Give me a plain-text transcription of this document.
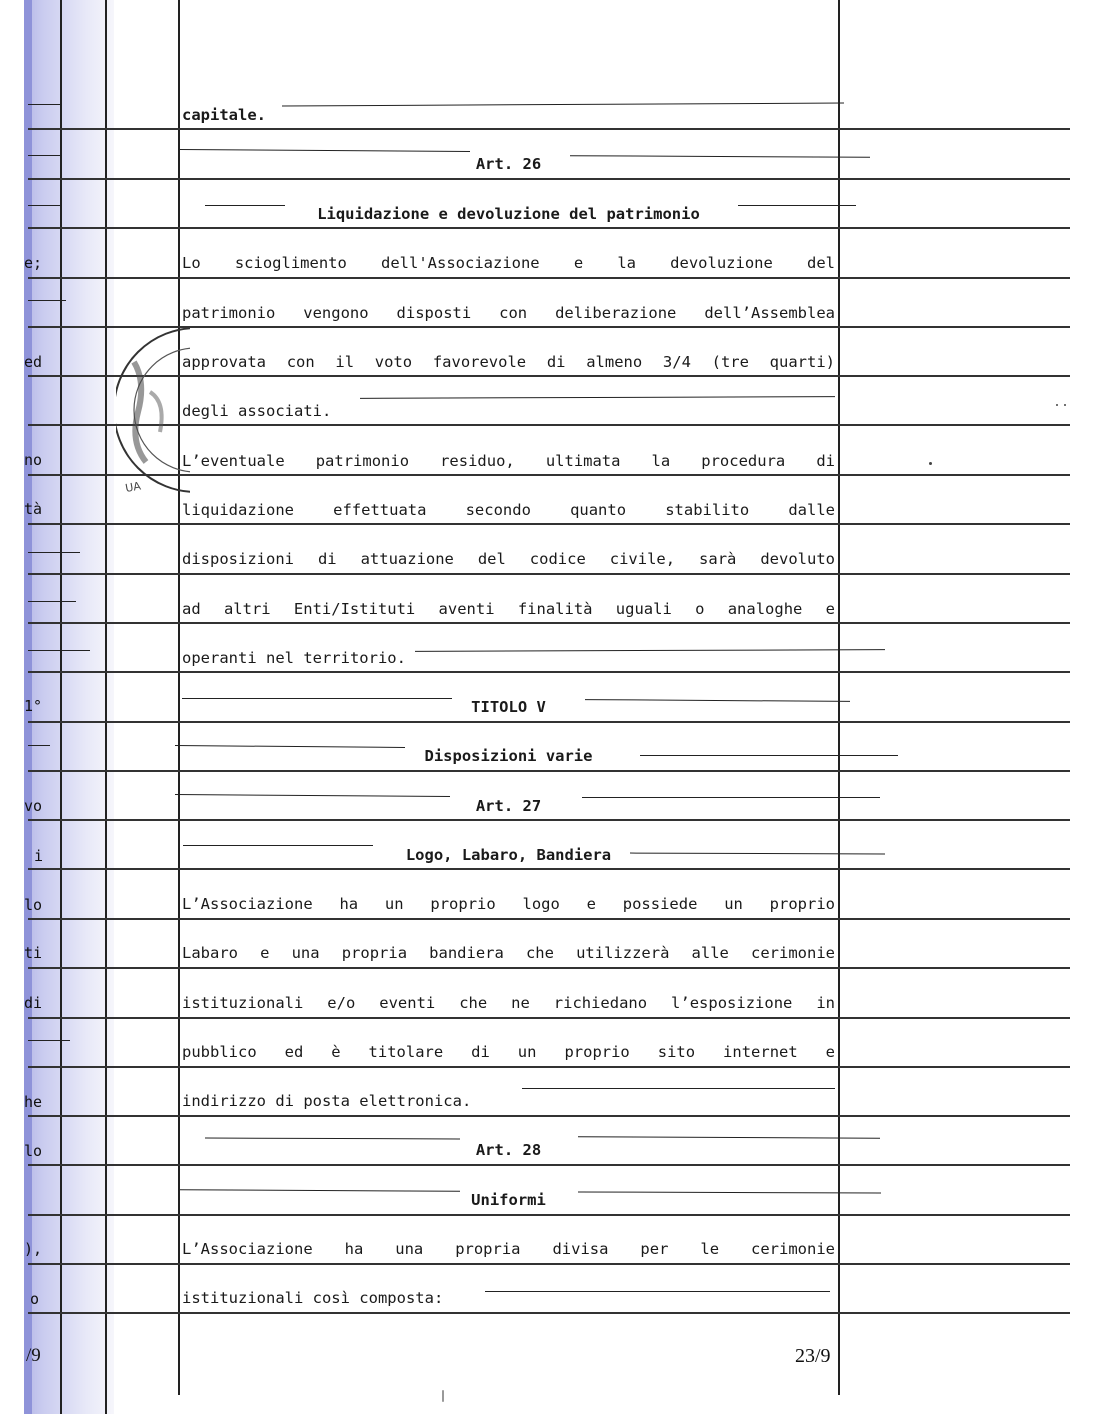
e;
ed
no
tà
1°
vo
i
lo
ti
di
he
lo
),
o
/9
UA
capitale.
Art. 26
Liquidazione e devoluzione del patrimonio
Lo scioglimento dell'Associazione e la devoluzione del
patrimonio vengono disposti con deliberazione dell’Assemblea
approvata con il voto favorevole di almeno 3/4 (tre quarti)
degli associati.
L’eventuale patrimonio residuo, ultimata la procedura di
liquidazione effettuata secondo quanto stabilito dalle
disposizioni di attuazione del codice civile, sarà devoluto
ad altri Enti/Istituti aventi finalità uguali o analoghe e
operanti nel territorio.
TITOLO V
Disposizioni varie
Art. 27
Logo, Labaro, Bandiera
L’Associazione ha un proprio logo e possiede un proprio
Labaro e una propria bandiera che utilizzerà alle cerimonie
istituzionali e/o eventi che ne richiedano l’esposizione in
pubblico ed è titolare di un proprio sito internet e
indirizzo di posta elettronica.
Art. 28
Uniformi
L’Associazione ha una propria divisa per le cerimonie
istituzionali così composta:
23/9
